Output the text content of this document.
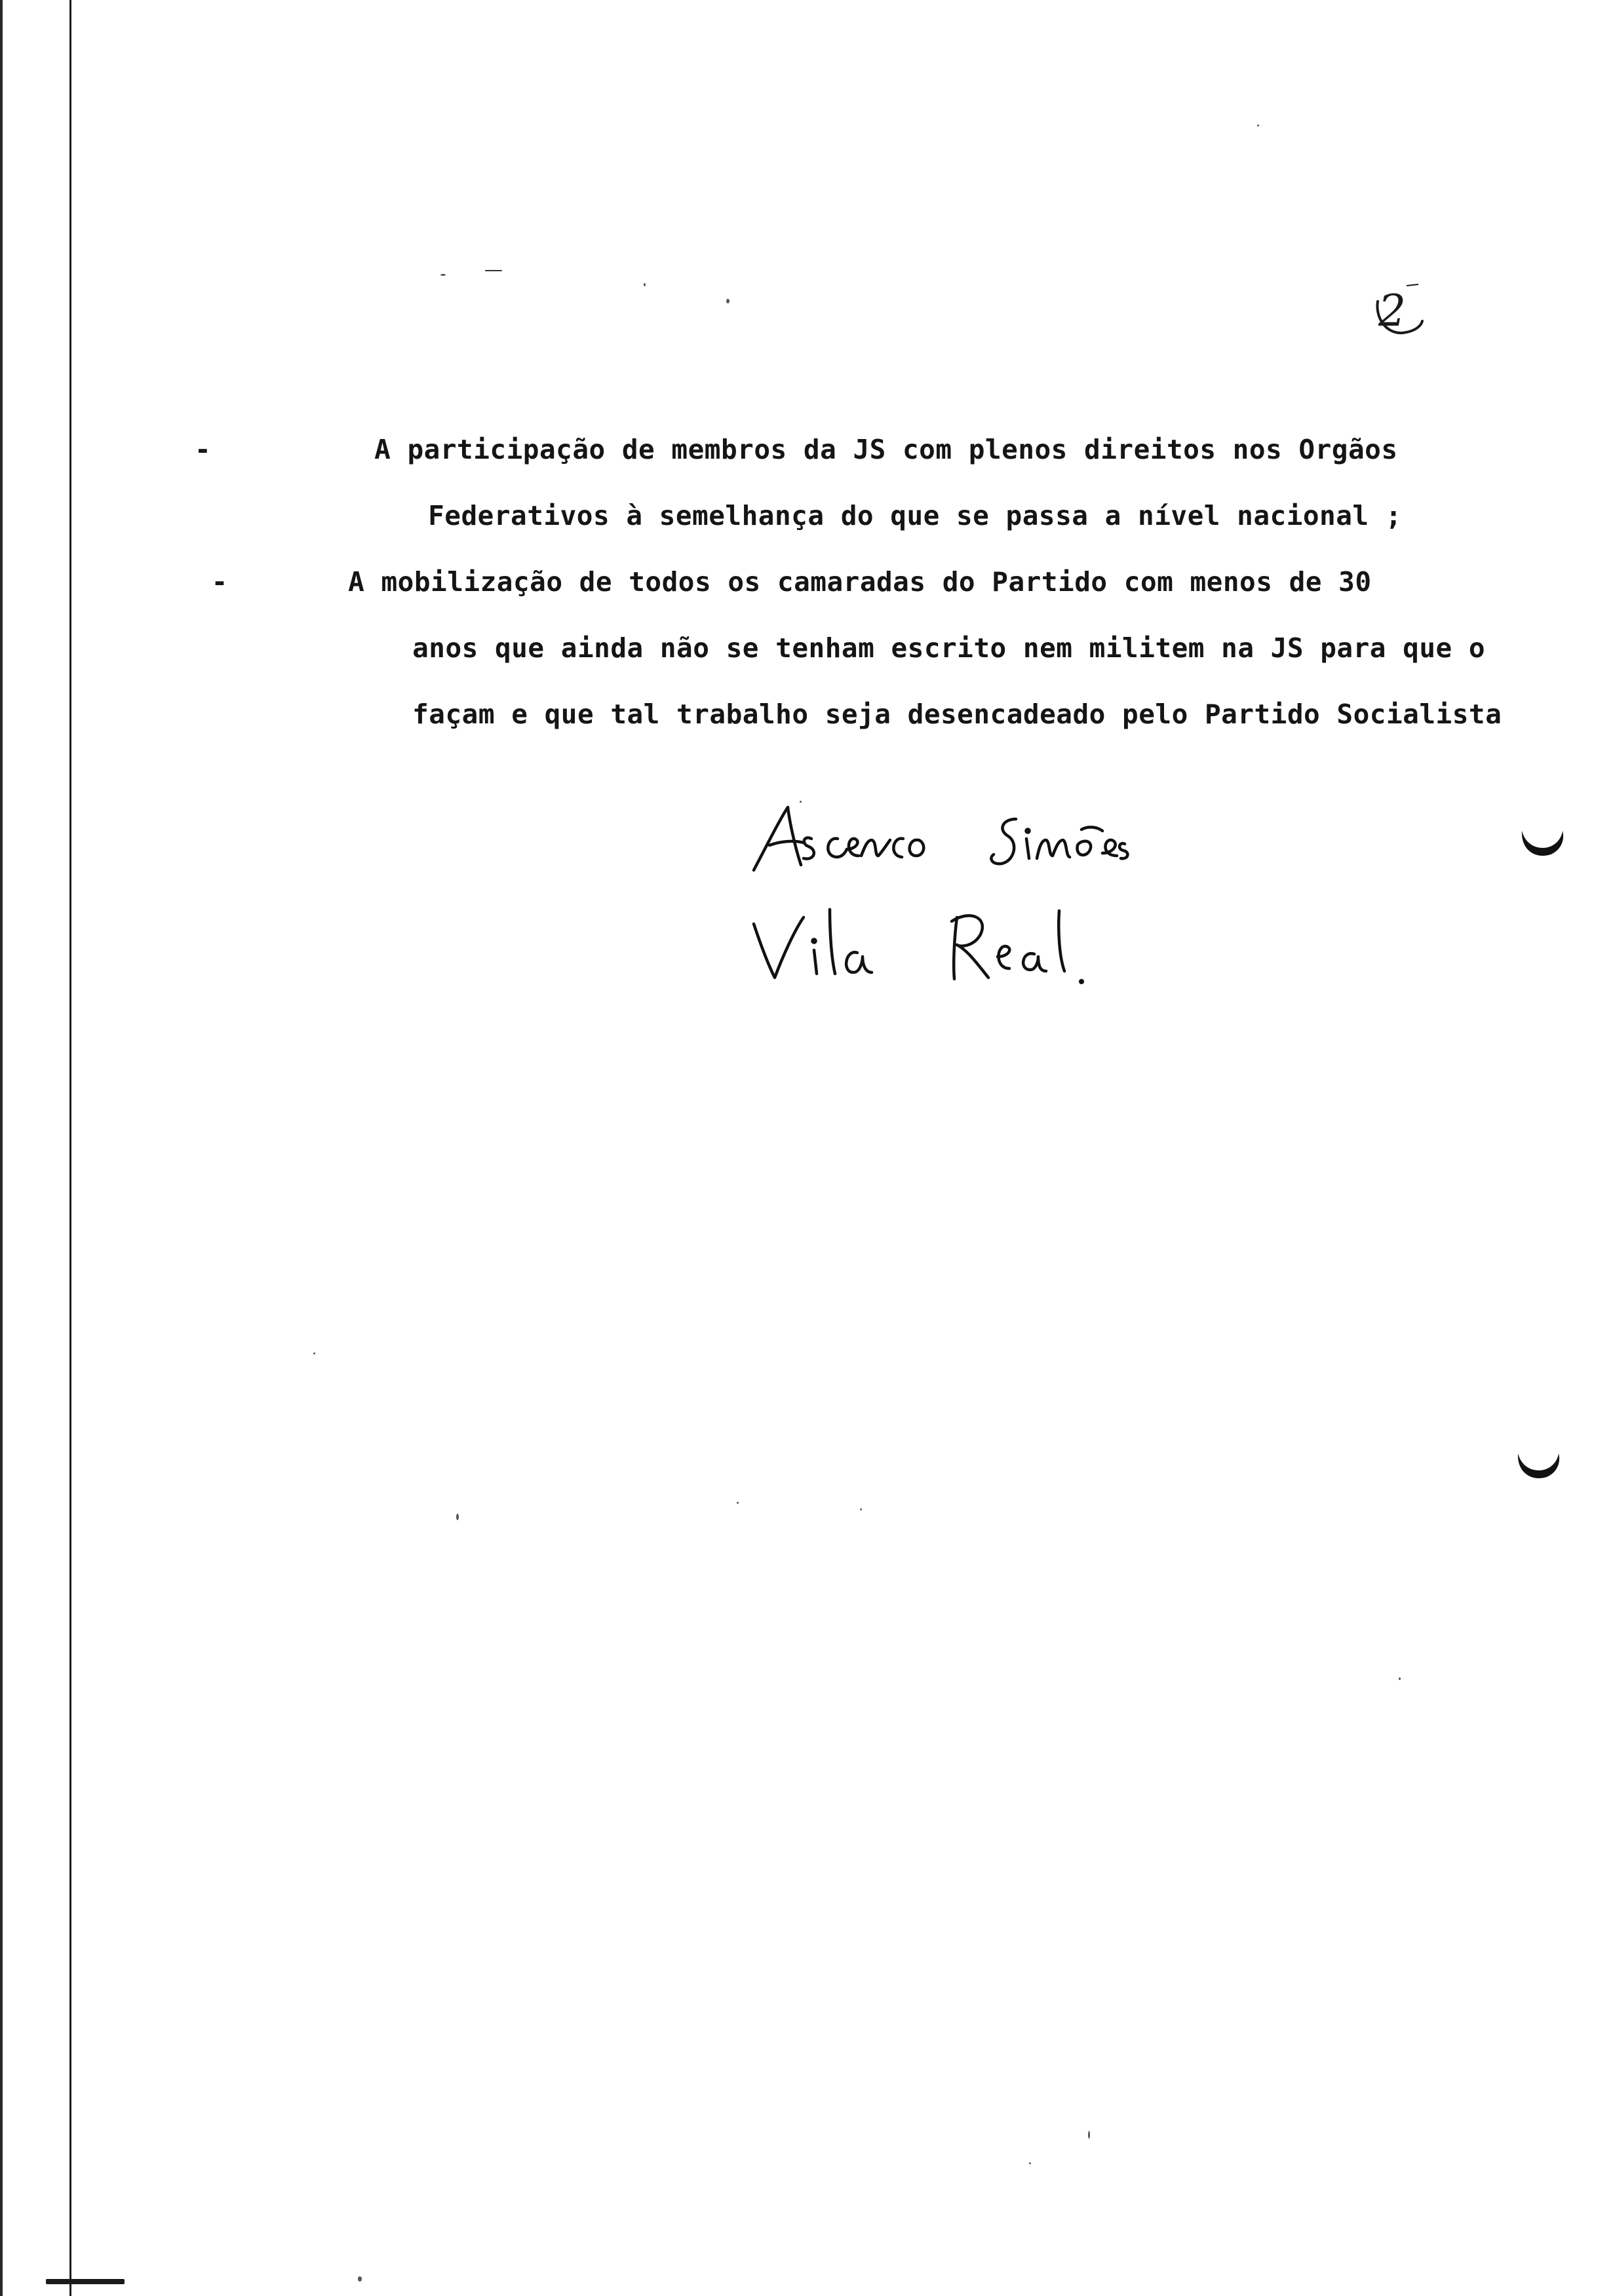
2

-	A participação de membros da JS com plenos direitos nos Orgãos

Federativos à semelhança do que se passa a nível nacional ;

-	A mobilização de todos os camaradas do Partido com menos de 30

anos que ainda não se tenham escrito nem militem na JS para que o

façam e que tal trabalho seja desencadeado pelo Partido Socialista
